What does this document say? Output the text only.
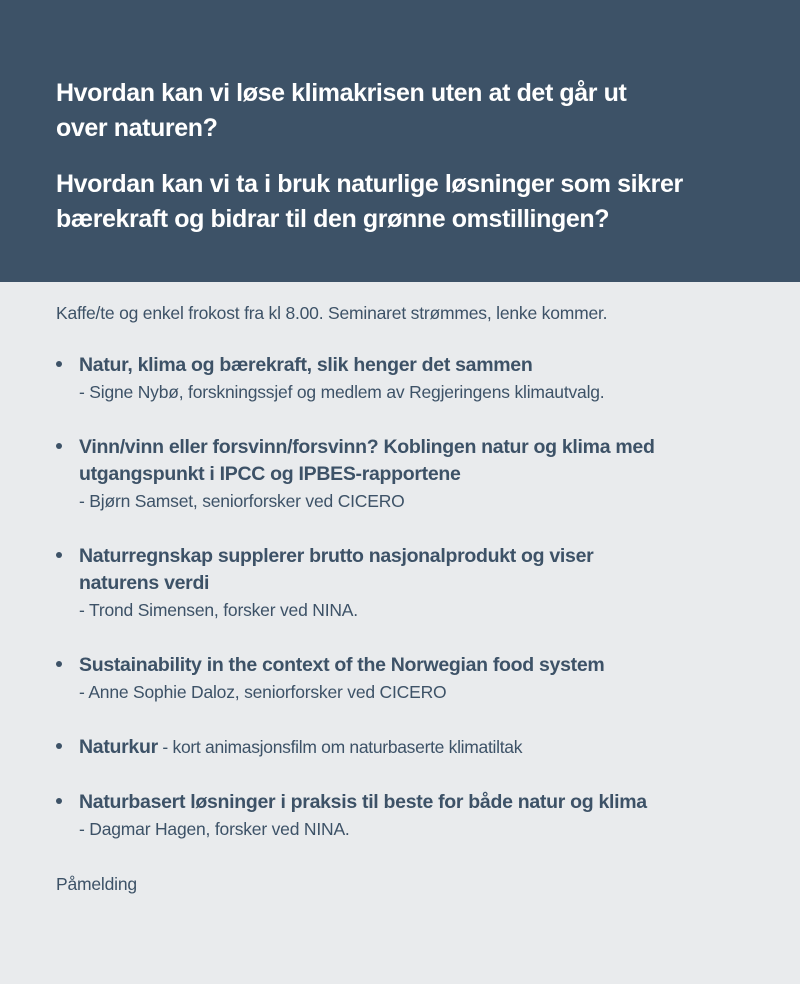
Hvordan kan vi løse klimakrisen uten at det går ut over naturen?

Hvordan kan vi ta i bruk naturlige løsninger som sikrer bærekraft og bidrar til den grønne omstillingen?

Kaffe/te og enkel frokost fra kl 8.00. Seminaret strømmes, lenke kommer.

Natur, klima og bærekraft, slik henger det sammen
- Signe Nybø, forskningssjef og medlem av Regjeringens klimautvalg.
Vinn/vinn eller forsvinn/forsvinn? Koblingen natur og klima med utgangspunkt i IPCC og IPBES-rapportene
- Bjørn Samset, seniorforsker ved CICERO
Naturregnskap supplerer brutto nasjonalprodukt og viser naturens verdi
- Trond Simensen, forsker ved NINA.
Sustainability in the context of the Norwegian food system
- Anne Sophie Daloz, seniorforsker ved CICERO
Naturkur - kort animasjonsfilm om naturbaserte klimatiltak
Naturbasert løsninger i praksis til beste for både natur og klima
- Dagmar Hagen, forsker ved NINA.
Påmelding
